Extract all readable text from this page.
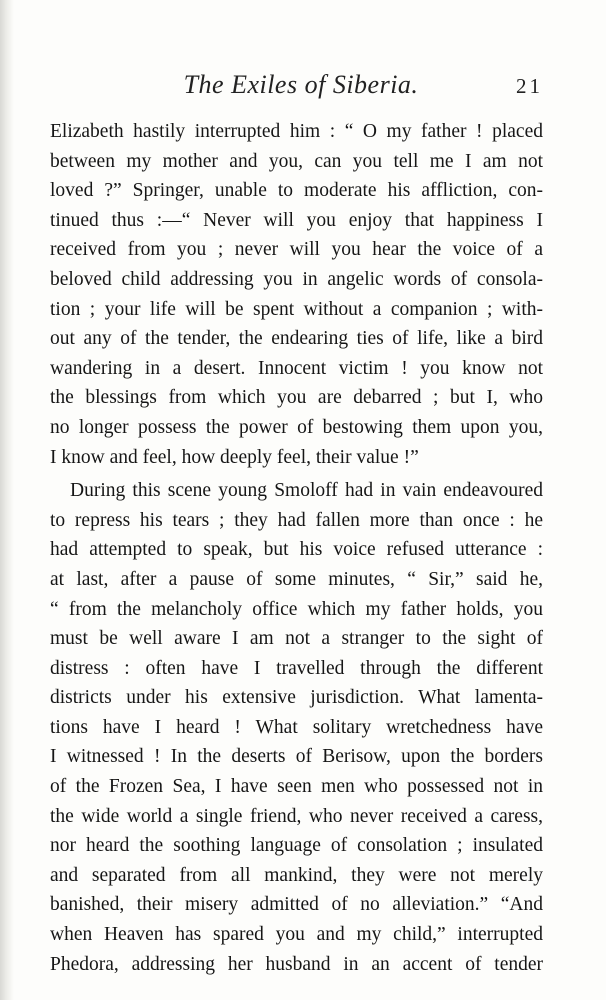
The Exiles of Siberia.	21
Elizabeth hastily interrupted him : “ O my father ! placed
between my mother and you, can you tell me I am not
loved ?” Springer, unable to moderate his affliction, con-
tinued thus :—“ Never will you enjoy that happiness I
received from you ; never will you hear the voice of a
beloved child addressing you in angelic words of consola-
tion ; your life will be spent without a companion ; with-
out any of the tender, the endearing ties of life, like a bird
wandering in a desert. Innocent victim ! you know not
the blessings from which you are debarred ; but I, who
no longer possess the power of bestowing them upon you,
I know and feel, how deeply feel, their value !”
During this scene young Smoloff had in vain endeavoured
to repress his tears ; they had fallen more than once : he
had attempted to speak, but his voice refused utterance :
at last, after a pause of some minutes, “ Sir,” said he,
“ from the melancholy office which my father holds, you
must be well aware I am not a stranger to the sight of
distress : often have I travelled through the different
districts under his extensive jurisdiction. What lamenta-
tions have I heard ! What solitary wretchedness have
I witnessed ! In the deserts of Berisow, upon the borders
of the Frozen Sea, I have seen men who possessed not in
the wide world a single friend, who never received a caress,
nor heard the soothing language of consolation ; insulated
and separated from all mankind, they were not merely
banished, their misery admitted of no alleviation.” “And
when Heaven has spared you and my child,” interrupted
Phedora, addressing her husband in an accent of tender
